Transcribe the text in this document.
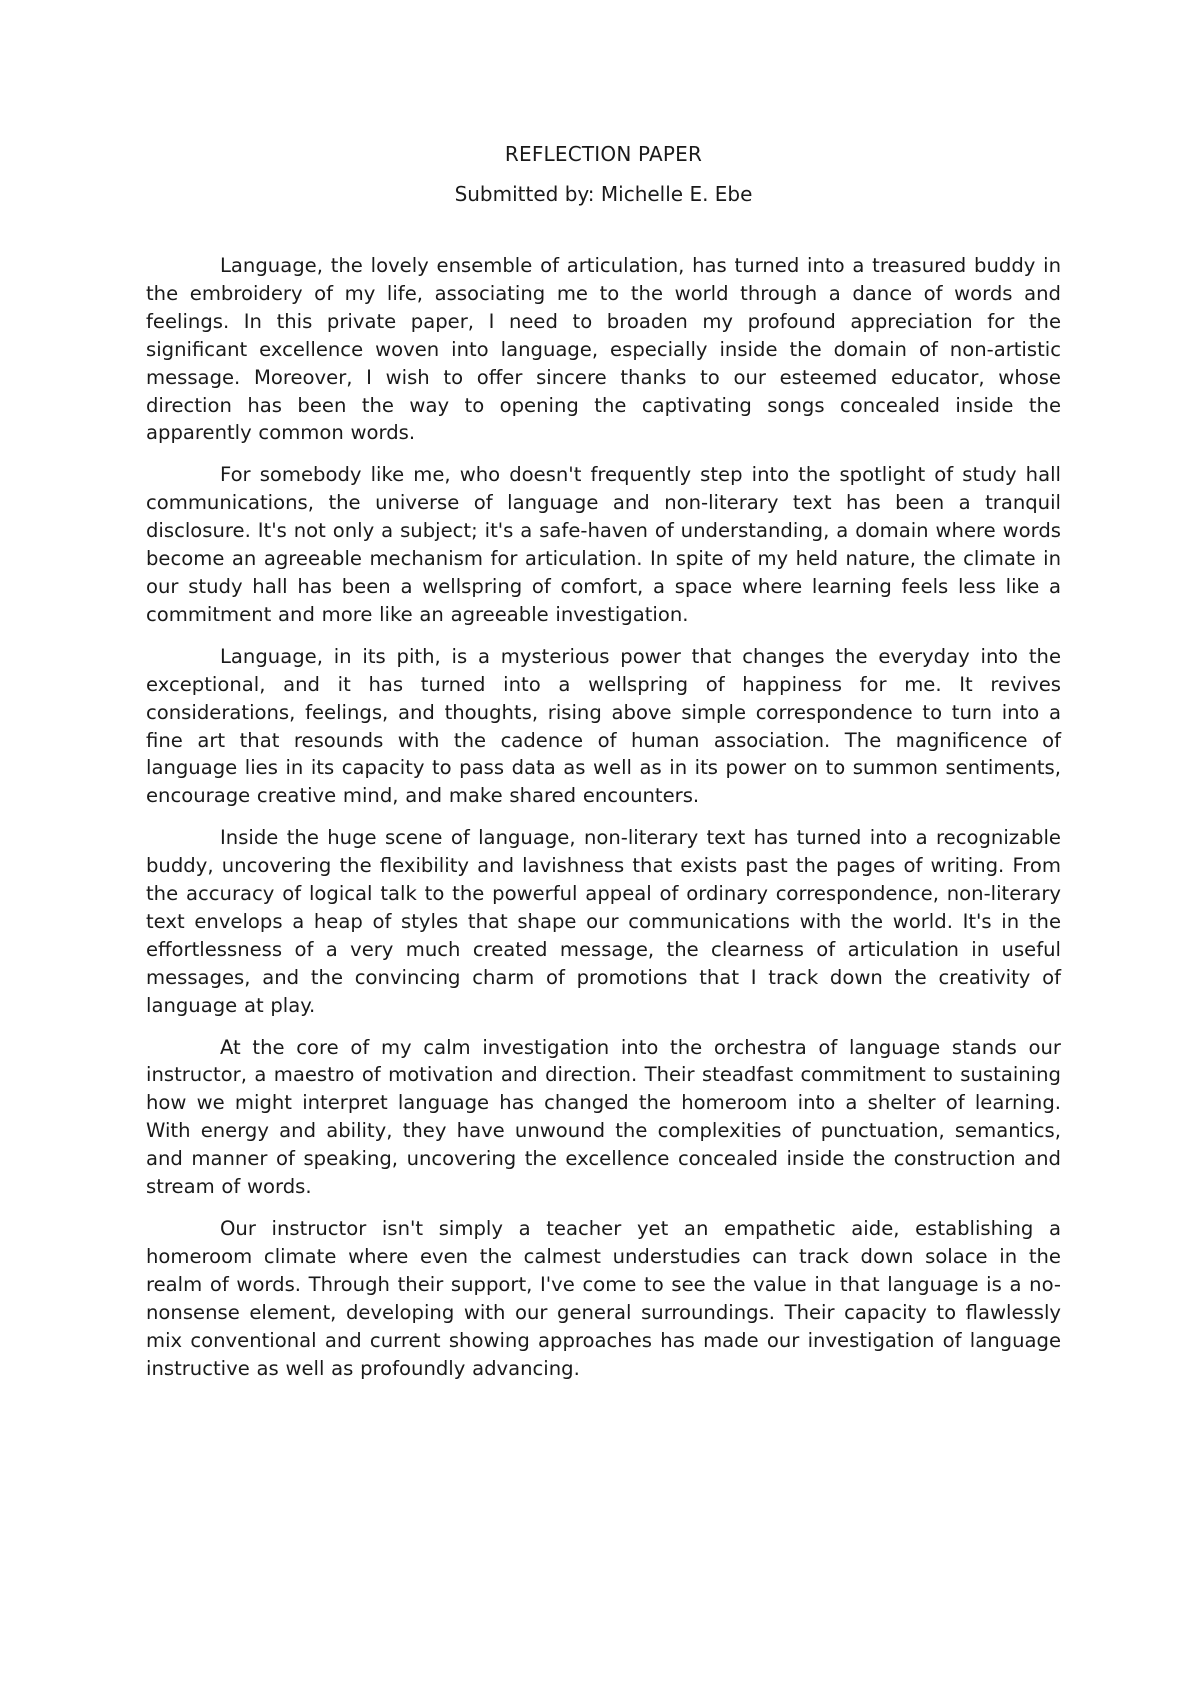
REFLECTION PAPER

Submitted by: Michelle E. Ebe

Language, the lovely ensemble of articulation, has turned into a treasured buddy in the embroidery of my life, associating me to the world through a dance of words and feelings. In this private paper, I need to broaden my profound appreciation for the significant excellence woven into language, especially inside the domain of non-artistic message. Moreover, I wish to offer sincere thanks to our esteemed educator, whose direction has been the way to opening the captivating songs concealed inside the apparently common words.

For somebody like me, who doesn't frequently step into the spotlight of study hall communications, the universe of language and non-literary text has been a tranquil disclosure. It's not only a subject; it's a safe-haven of understanding, a domain where words become an agreeable mechanism for articulation. In spite of my held nature, the climate in our study hall has been a wellspring of comfort, a space where learning feels less like a commitment and more like an agreeable investigation.

Language, in its pith, is a mysterious power that changes the everyday into the exceptional, and it has turned into a wellspring of happiness for me. It revives considerations, feelings, and thoughts, rising above simple correspondence to turn into a fine art that resounds with the cadence of human association. The magnificence of language lies in its capacity to pass data as well as in its power on to summon sentiments, encourage creative mind, and make shared encounters.

Inside the huge scene of language, non-literary text has turned into a recognizable buddy, uncovering the flexibility and lavishness that exists past the pages of writing. From the accuracy of logical talk to the powerful appeal of ordinary correspondence, non-literary text envelops a heap of styles that shape our communications with the world. It's in the effortlessness of a very much created message, the clearness of articulation in useful messages, and the convincing charm of promotions that I track down the creativity of language at play.

At the core of my calm investigation into the orchestra of language stands our instructor, a maestro of motivation and direction. Their steadfast commitment to sustaining how we might interpret language has changed the homeroom into a shelter of learning. With energy and ability, they have unwound the complexities of punctuation, semantics, and manner of speaking, uncovering the excellence concealed inside the construction and stream of words.

Our instructor isn't simply a teacher yet an empathetic aide, establishing a homeroom climate where even the calmest understudies can track down solace in the realm of words. Through their support, I've come to see the value in that language is a no-nonsense element, developing with our general surroundings. Their capacity to flawlessly mix conventional and current showing approaches has made our investigation of language instructive as well as profoundly advancing.
